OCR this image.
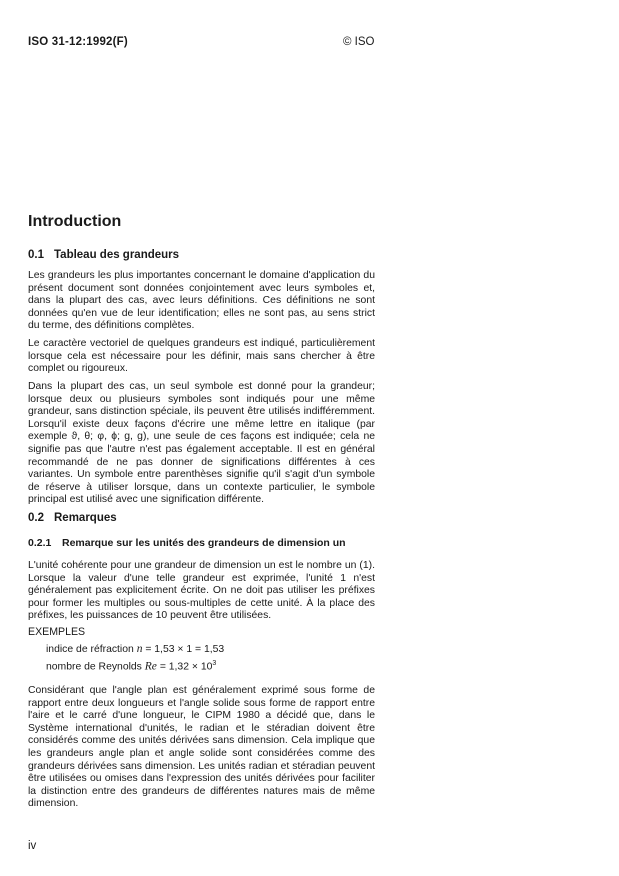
ISO 31-12:1992(F)	© ISO
Introduction
0.1 Tableau des grandeurs

Les grandeurs les plus importantes concernant le domaine d'application du présent document sont données conjointement avec leurs symboles et, dans la plupart des cas, avec leurs définitions. Ces définitions ne sont données qu'en vue de leur identification; elles ne sont pas, au sens strict du terme, des définitions complètes.

Le caractère vectoriel de quelques grandeurs est indiqué, particulièrement lorsque cela est nécessaire pour les définir, mais sans chercher à être complet ou rigoureux.

Dans la plupart des cas, un seul symbole est donné pour la grandeur; lorsque deux ou plusieurs symboles sont indiqués pour une même grandeur, sans distinction spéciale, ils peuvent être utilisés indifféremment. Lorsqu'il existe deux façons d'écrire une même lettre en italique (par exemple ϑ, θ; φ, ϕ; g, g), une seule de ces façons est indiquée; cela ne signifie pas que l'autre n'est pas également acceptable. Il est en général recommandé de ne pas donner de significations différentes à ces variantes. Un symbole entre parenthèses signifie qu'il s'agit d'un symbole de réserve à utiliser lorsque, dans un contexte particulier, le symbole principal est utilisé avec une signification différente.

0.2 Remarques
0.2.1 Remarque sur les unités des grandeurs de dimension un

L'unité cohérente pour une grandeur de dimension un est le nombre un (1). Lorsque la valeur d'une telle grandeur est exprimée, l'unité 1 n'est généralement pas explicitement écrite. On ne doit pas utiliser les préfixes pour former les multiples ou sous-multiples de cette unité. À la place des préfixes, les puissances de 10 peuvent être utilisées.

EXEMPLES

indice de réfraction n = 1,53 × 1 = 1,53

nombre de Reynolds $Re = 1,32 \times 10^3$

Considérant que l'angle plan est généralement exprimé sous forme de rapport entre deux longueurs et l'angle solide sous forme de rapport entre l'aire et le carré d'une longueur, le CIPM 1980 a décidé que, dans le Système international d'unités, le radian et le stéradian doivent être considérés comme des unités dérivées sans dimension. Cela implique que les grandeurs angle plan et angle solide sont considérées comme des grandeurs dérivées sans dimension. Les unités radian et stéradian peuvent être utilisées ou omises dans l'expression des unités dérivées pour faciliter la distinction entre des grandeurs de différentes natures mais de même dimension.

iv
